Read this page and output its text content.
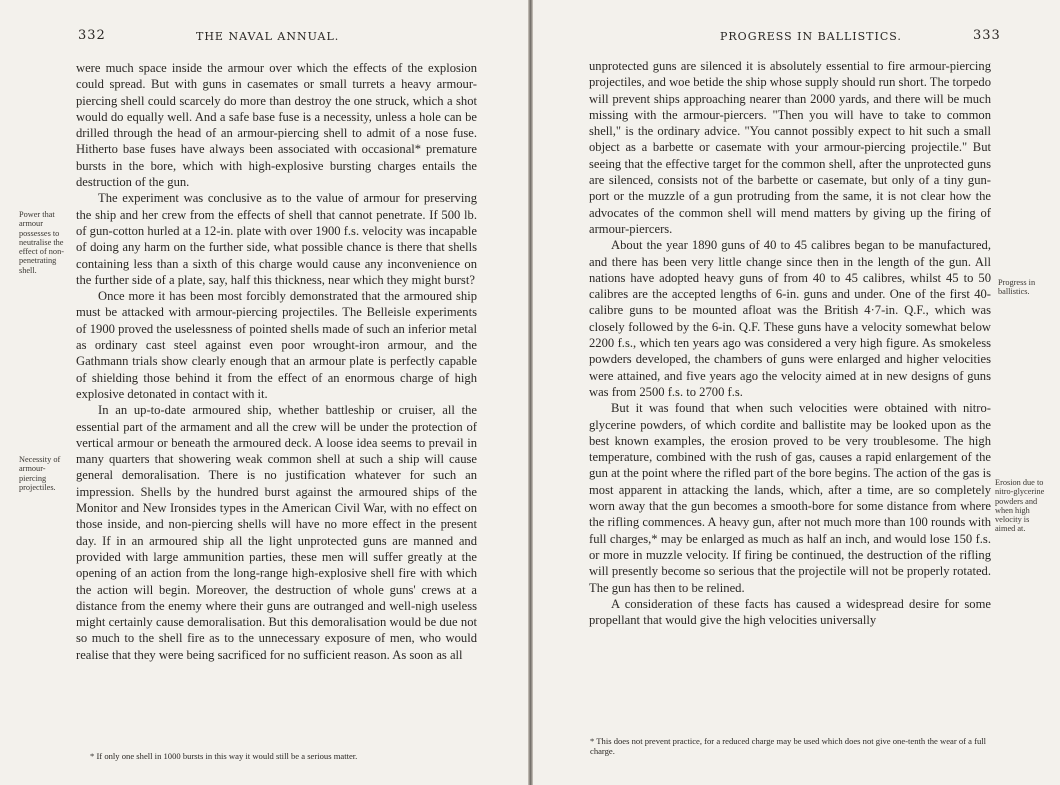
332	THE NAVAL ANNUAL.	PROGRESS IN BALLISTICS.	333

were much space inside the armour over which the effects of the explosion could spread. But with guns in casemates or small turrets a heavy armour-piercing shell could scarcely do more than destroy the one struck, which a shot would do equally well. And a safe base fuse is a necessity, unless a hole can be drilled through the head of an armour-piercing shell to admit of a nose fuse. Hitherto base fuses have always been associated with occasional* premature bursts in the bore, which with high-explosive bursting charges entails the destruction of the gun.

The experiment was conclusive as to the value of armour for preserving the ship and her crew from the effects of shell that cannot penetrate. If 500 lb. of gun-cotton hurled at a 12-in. plate with over 1900 f.s. velocity was incapable of doing any harm on the further side, what possible chance is there that shells containing less than a sixth of this charge would cause any inconvenience on the further side of a plate, say, half this thickness, near which they might burst?

Once more it has been most forcibly demonstrated that the armoured ship must be attacked with armour-piercing projectiles. The Belleisle experiments of 1900 proved the uselessness of pointed shells made of such an inferior metal as ordinary cast steel against even poor wrought-iron armour, and the Gathmann trials show clearly enough that an armour plate is perfectly capable of shielding those behind it from the effect of an enormous charge of high explosive detonated in contact with it.

In an up-to-date armoured ship, whether battleship or cruiser, all the essential part of the armament and all the crew will be under the protection of vertical armour or beneath the armoured deck. A loose idea seems to prevail in many quarters that showering weak common shell at such a ship will cause general demoralisation. There is no justification whatever for such an impression. Shells by the hundred burst against the armoured ships of the Monitor and New Ironsides types in the American Civil War, with no effect on those inside, and non-piercing shells will have no more effect in the present day. If in an armoured ship all the light unprotected guns are manned and provided with large ammunition parties, these men will suffer greatly at the opening of an action from the long-range high-explosive shell fire with which the action will begin. Moreover, the destruction of whole guns' crews at a distance from the enemy where their guns are outranged and well-nigh useless might certainly cause demoralisation. But this demoralisation would be due not so much to the shell fire as to the unnecessary exposure of men, who would realise that they were being sacrificed for no sufficient reason. As soon as all

Power that armour possesses to neutralise the effect of non-penetrating shell.
Necessity of armour-piercing projectiles.
* If only one shell in 1000 bursts in this way it would still be a serious matter.

unprotected guns are silenced it is absolutely essential to fire armour-piercing projectiles, and woe betide the ship whose supply should run short. The torpedo will prevent ships approaching nearer than 2000 yards, and there will be much missing with the armour-piercers. "Then you will have to take to common shell," is the ordinary advice. "You cannot possibly expect to hit such a small object as a barbette or casemate with your armour-piercing projectile." But seeing that the effective target for the common shell, after the unprotected guns are silenced, consists not of the barbette or casemate, but only of a tiny gun-port or the muzzle of a gun protruding from the same, it is not clear how the advocates of the common shell will mend matters by giving up the firing of armour-piercers.

About the year 1890 guns of 40 to 45 calibres began to be manufactured, and there has been very little change since then in the length of the gun. All nations have adopted heavy guns of from 40 to 45 calibres, whilst 45 to 50 calibres are the accepted lengths of 6-in. guns and under. One of the first 40-calibre guns to be mounted afloat was the British 4·7-in. Q.F., which was closely followed by the 6-in. Q.F. These guns have a velocity somewhat below 2200 f.s., which ten years ago was considered a very high figure. As smokeless powders developed, the chambers of guns were enlarged and higher velocities were attained, and five years ago the velocity aimed at in new designs of guns was from 2500 f.s. to 2700 f.s.

But it was found that when such velocities were obtained with nitro-glycerine powders, of which cordite and ballistite may be looked upon as the best known examples, the erosion proved to be very troublesome. The high temperature, combined with the rush of gas, causes a rapid enlargement of the gun at the point where the rifled part of the bore begins. The action of the gas is most apparent in attacking the lands, which, after a time, are so completely worn away that the gun becomes a smooth-bore for some distance from where the rifling commences. A heavy gun, after not much more than 100 rounds with full charges,* may be enlarged as much as half an inch, and would lose 150 f.s. or more in muzzle velocity. If firing be continued, the destruction of the rifling will presently become so serious that the projectile will not be properly rotated. The gun has then to be relined.

A consideration of these facts has caused a widespread desire for some propellant that would give the high velocities universally

Progress in ballistics.
Erosion due to nitro-glycerine powders and when high velocity is aimed at.
* This does not prevent practice, for a reduced charge may be used which does not give one-tenth the wear of a full charge.
